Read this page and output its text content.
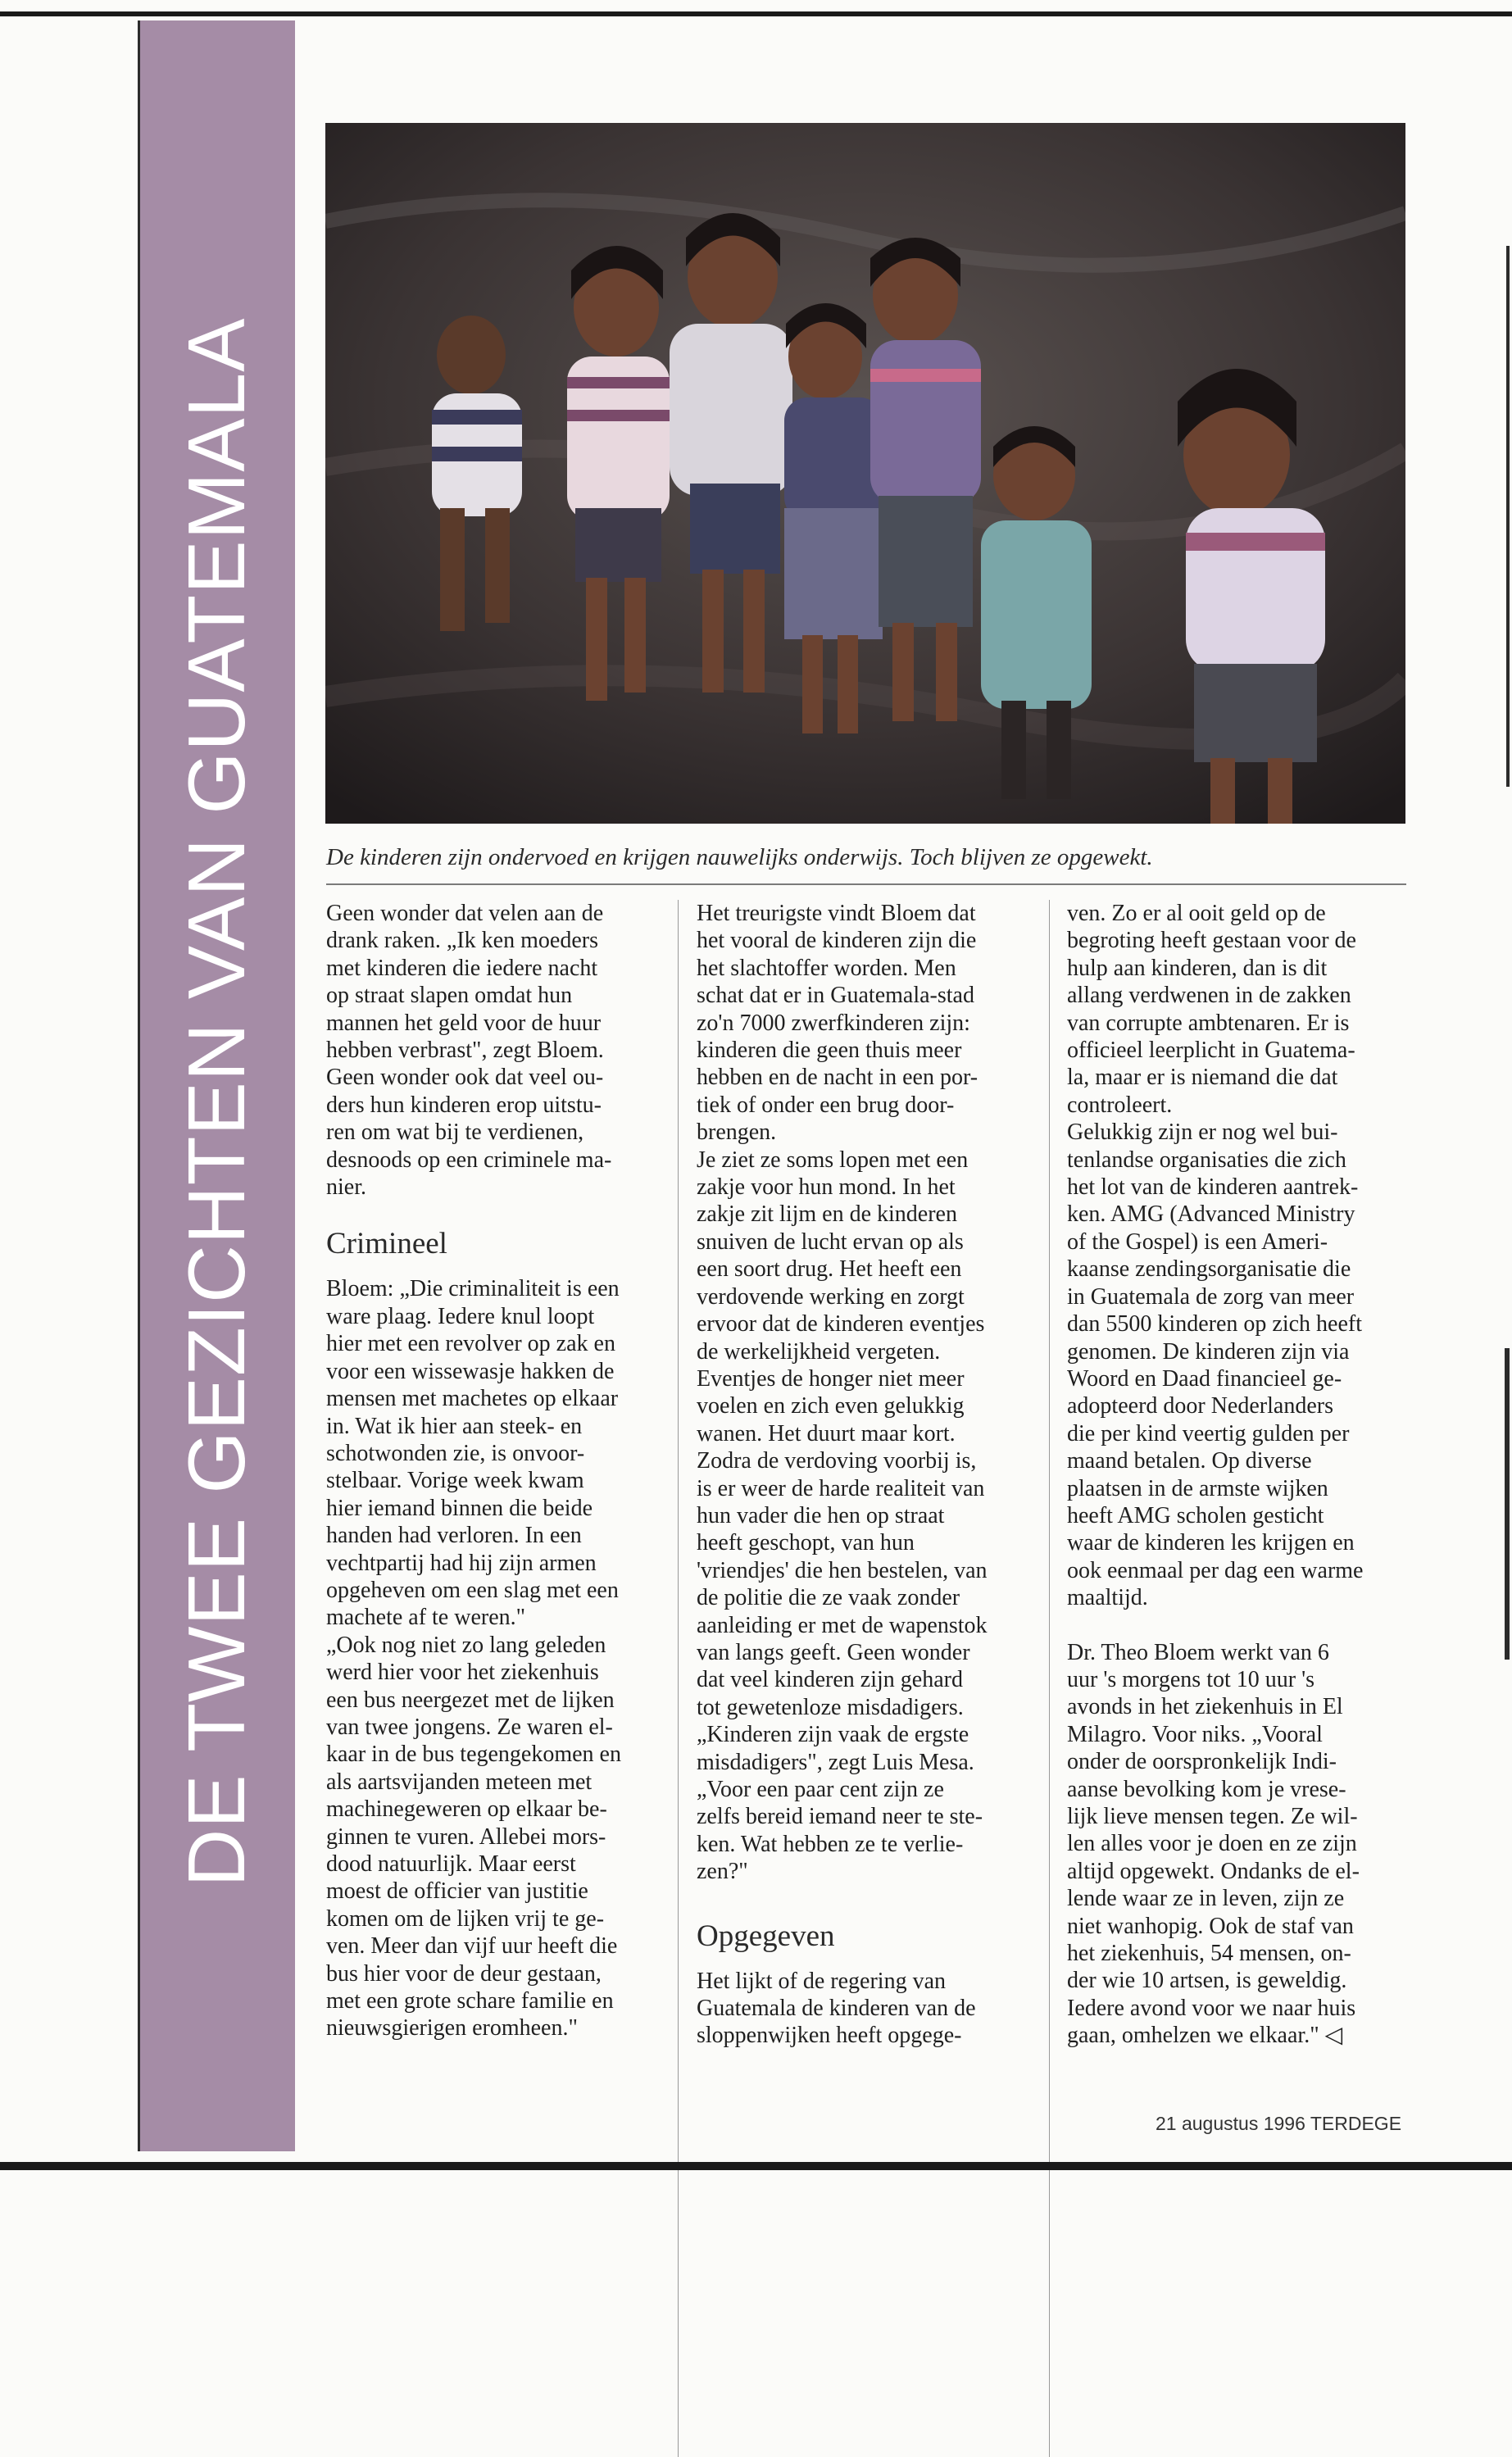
DE TWEE GEZICHTEN VAN GUATEMALA	De kinderen zijn ondervoed en krijgen nauwelijks onderwijs. Toch blijven ze opgewekt.

Geen wonder dat velen aan de
drank raken. „Ik ken moeders
met kinderen die iedere nacht
op straat slapen omdat hun
mannen het geld voor de huur
hebben verbrast", zegt Bloem.
Geen wonder ook dat veel ou-
ders hun kinderen erop uitstu-
ren om wat bij te verdienen,
desnoods op een criminele ma-
nier.

Crimineel

Bloem: „Die criminaliteit is een
ware plaag. Iedere knul loopt
hier met een revolver op zak en
voor een wissewasje hakken de
mensen met machetes op elkaar
in. Wat ik hier aan steek- en
schotwonden zie, is onvoor-
stelbaar. Vorige week kwam
hier iemand binnen die beide
handen had verloren. In een
vechtpartij had hij zijn armen
opgeheven om een slag met een
machete af te weren."
„Ook nog niet zo lang geleden
werd hier voor het ziekenhuis
een bus neergezet met de lijken
van twee jongens. Ze waren el-
kaar in de bus tegengekomen en
als aartsvijanden meteen met
machinegeweren op elkaar be-
ginnen te vuren. Allebei mors-
dood natuurlijk. Maar eerst
moest de officier van justitie
komen om de lijken vrij te ge-
ven. Meer dan vijf uur heeft die
bus hier voor de deur gestaan,
met een grote schare familie en
nieuwsgierigen eromheen."

Het treurigste vindt Bloem dat
het vooral de kinderen zijn die
het slachtoffer worden. Men
schat dat er in Guatemala-stad
zo'n 7000 zwerfkinderen zijn:
kinderen die geen thuis meer
hebben en de nacht in een por-
tiek of onder een brug door-
brengen.
Je ziet ze soms lopen met een
zakje voor hun mond. In het
zakje zit lijm en de kinderen
snuiven de lucht ervan op als
een soort drug. Het heeft een
verdovende werking en zorgt
ervoor dat de kinderen eventjes
de werkelijkheid vergeten.
Eventjes de honger niet meer
voelen en zich even gelukkig
wanen. Het duurt maar kort.
Zodra de verdoving voorbij is,
is er weer de harde realiteit van
hun vader die hen op straat
heeft geschopt, van hun
'vriendjes' die hen bestelen, van
de politie die ze vaak zonder
aanleiding er met de wapenstok
van langs geeft. Geen wonder
dat veel kinderen zijn gehard
tot gewetenloze misdadigers.
„Kinderen zijn vaak de ergste
misdadigers", zegt Luis Mesa.
„Voor een paar cent zijn ze
zelfs bereid iemand neer te ste-
ken. Wat hebben ze te verlie-
zen?"

Opgegeven

Het lijkt of de regering van
Guatemala de kinderen van de
sloppenwijken heeft opgege-

ven. Zo er al ooit geld op de
begroting heeft gestaan voor de
hulp aan kinderen, dan is dit
allang verdwenen in de zakken
van corrupte ambtenaren. Er is
officieel leerplicht in Guatema-
la, maar er is niemand die dat
controleert.
Gelukkig zijn er nog wel bui-
tenlandse organisaties die zich
het lot van de kinderen aantrek-
ken. AMG (Advanced Ministry
of the Gospel) is een Ameri-
kaanse zendingsorganisatie die
in Guatemala de zorg van meer
dan 5500 kinderen op zich heeft
genomen. De kinderen zijn via
Woord en Daad financieel ge-
adopteerd door Nederlanders
die per kind veertig gulden per
maand betalen. Op diverse
plaatsen in de armste wijken
heeft AMG scholen gesticht
waar de kinderen les krijgen en
ook eenmaal per dag een warme
maaltijd.

Dr. Theo Bloem werkt van 6
uur 's morgens tot 10 uur 's
avonds in het ziekenhuis in El
Milagro. Voor niks. „Vooral
onder de oorspronkelijk Indi-
aanse bevolking kom je vrese-
lijk lieve mensen tegen. Ze wil-
len alles voor je doen en ze zijn
altijd opgewekt. Ondanks de el-
lende waar ze in leven, zijn ze
niet wanhopig. Ook de staf van
het ziekenhuis, 54 mensen, on-
der wie 10 artsen, is geweldig.
Iedere avond voor we naar huis
gaan, omhelzen we elkaar." ◁

21 augustus 1996 TERDEGE
